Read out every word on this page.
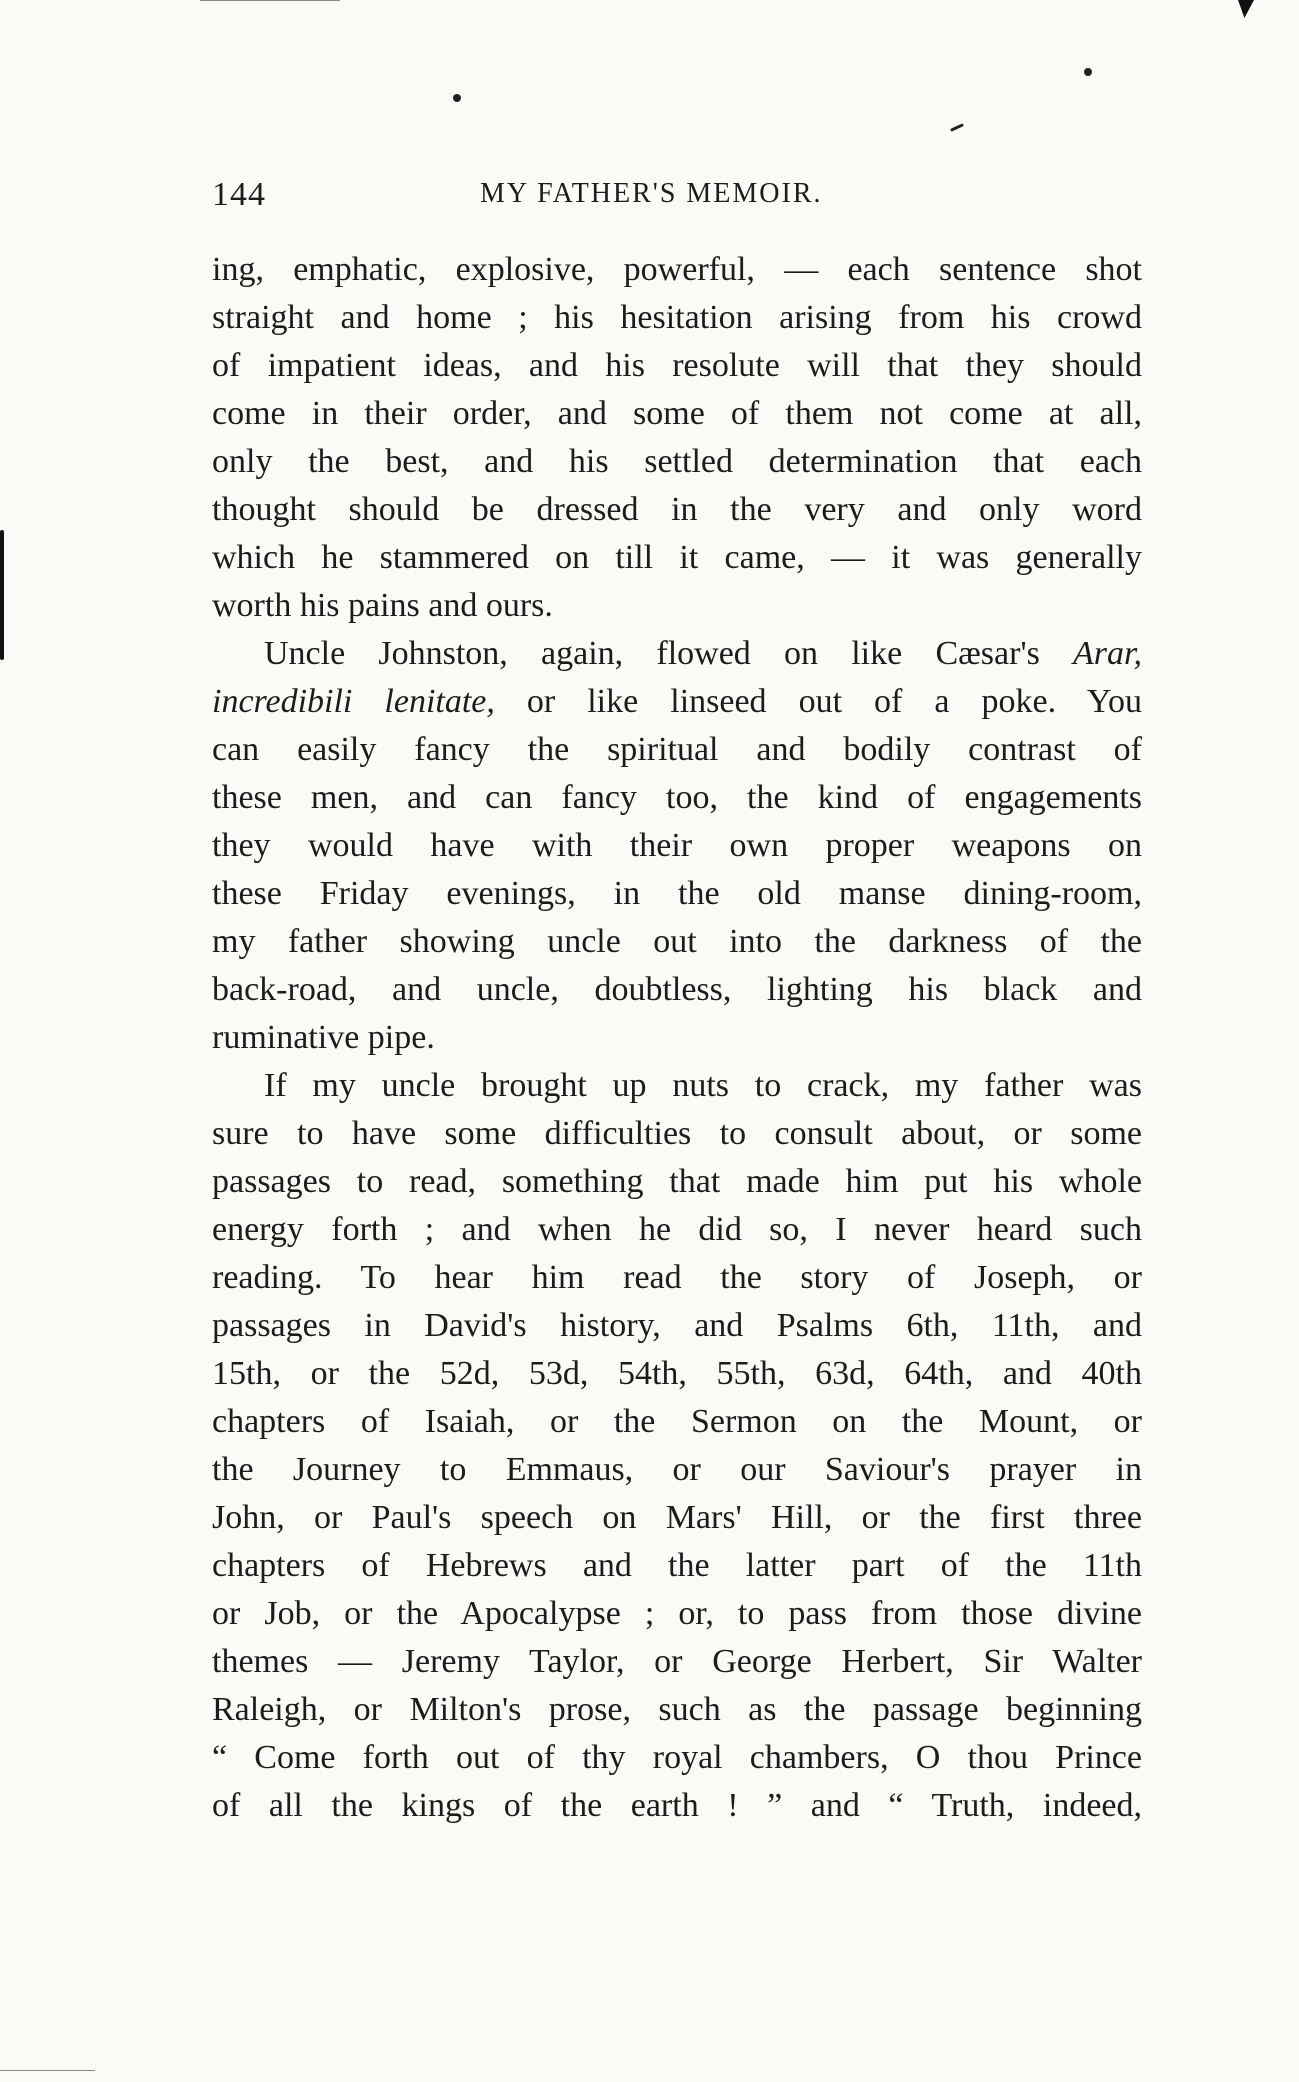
144	MY FATHER'S MEMOIR.
ing, emphatic, explosive, powerful, — each sentence shot
straight and home ; his hesitation arising from his crowd
of impatient ideas, and his resolute will that they should
come in their order, and some of them not come at all,
only the best, and his settled determination that each
thought should be dressed in the very and only word
which he stammered on till it came, — it was generally
worth his pains and ours.
Uncle Johnston, again, flowed on like Cæsar's Arar,
incredibili lenitate, or like linseed out of a poke. You
can easily fancy the spiritual and bodily contrast of
these men, and can fancy too, the kind of engagements
they would have with their own proper weapons on
these Friday evenings, in the old manse dining-room,
my father showing uncle out into the darkness of the
back-road, and uncle, doubtless, lighting his black and
ruminative pipe.
If my uncle brought up nuts to crack, my father was
sure to have some difficulties to consult about, or some
passages to read, something that made him put his whole
energy forth ; and when he did so, I never heard such
reading. To hear him read the story of Joseph, or
passages in David's history, and Psalms 6th, 11th, and
15th, or the 52d, 53d, 54th, 55th, 63d, 64th, and 40th
chapters of Isaiah, or the Sermon on the Mount, or
the Journey to Emmaus, or our Saviour's prayer in
John, or Paul's speech on Mars' Hill, or the first three
chapters of Hebrews and the latter part of the 11th
or Job, or the Apocalypse ; or, to pass from those divine
themes — Jeremy Taylor, or George Herbert, Sir Walter
Raleigh, or Milton's prose, such as the passage beginning
“ Come forth out of thy royal chambers, O thou Prince
of all the kings of the earth ! ” and “ Truth, indeed,
